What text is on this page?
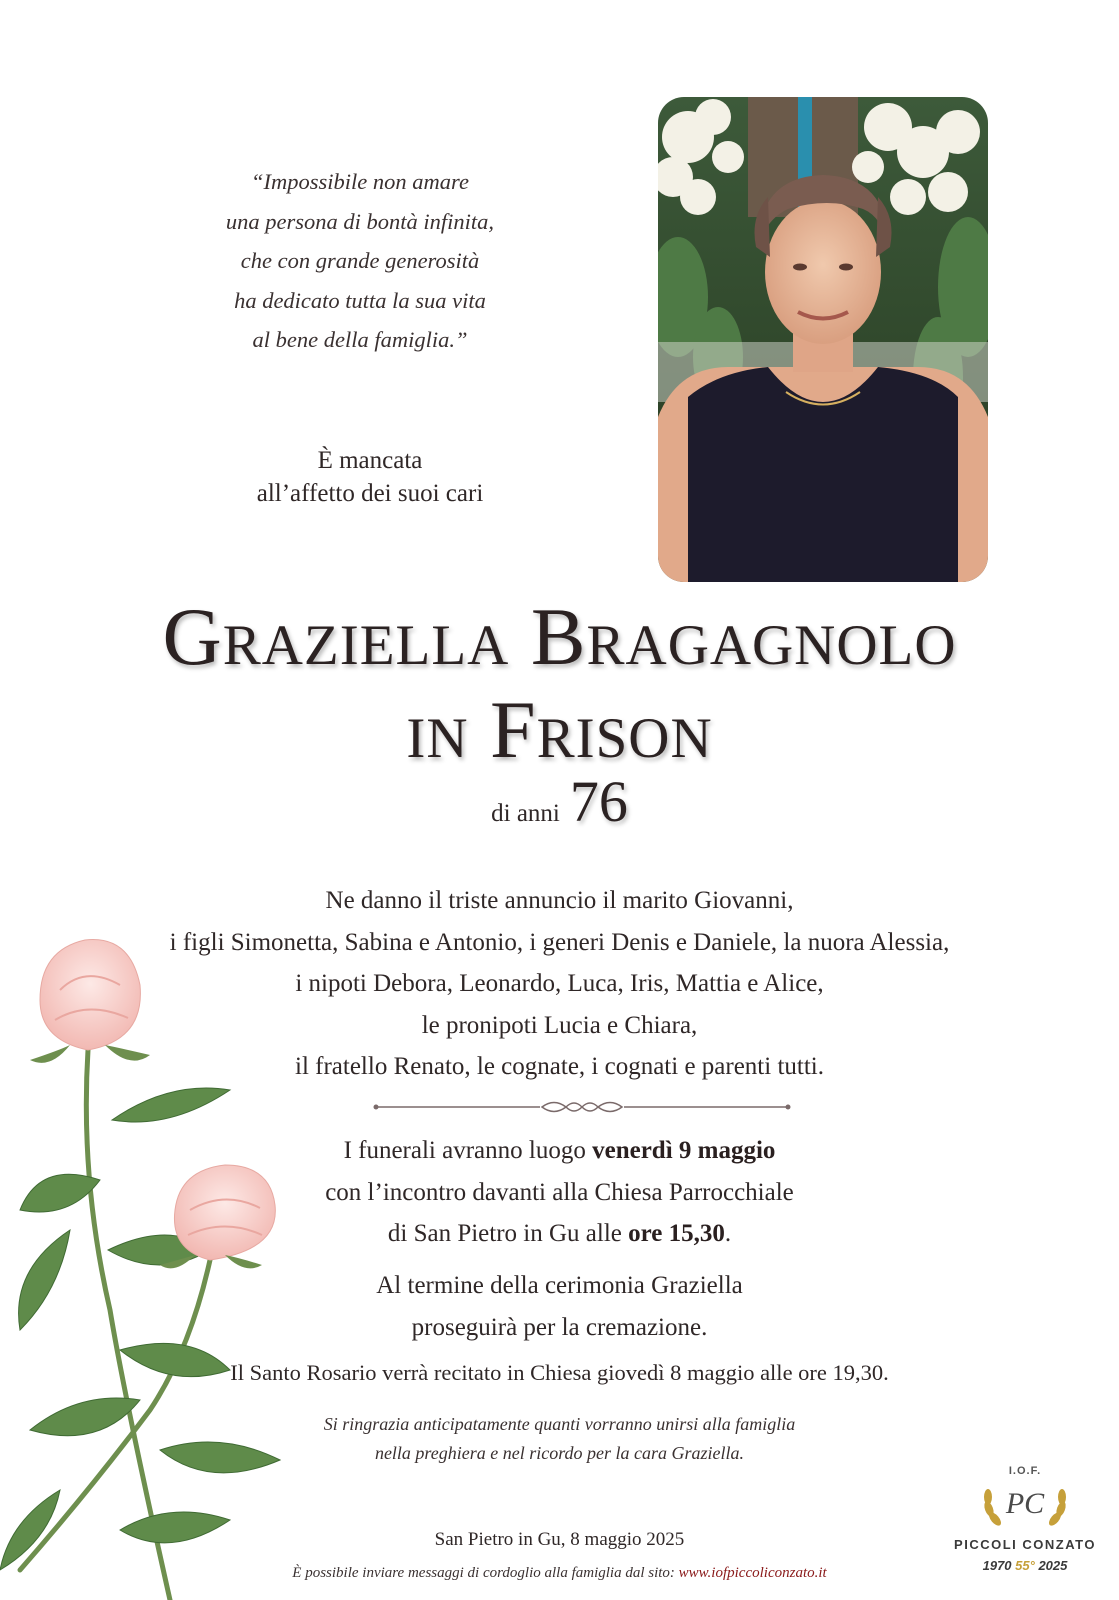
“Impossibile non amare
una persona di bontà infinita,
che con grande generosità
ha dedicato tutta la sua vita
al bene della famiglia.”
È mancata
all’affetto dei suoi cari
Graziella Bragagnolo
in Frison
di anni 76
Ne danno il triste annuncio il marito Giovanni,
i figli Simonetta, Sabina e Antonio, i generi Denis e Daniele, la nuora Alessia,
i nipoti Debora, Leonardo, Luca, Iris, Mattia e Alice,
le pronipoti Lucia e Chiara,
il fratello Renato, le cognate, i cognati e parenti tutti.
I funerali avranno luogo venerdì 9 maggio
con l’incontro davanti alla Chiesa Parrocchiale
di San Pietro in Gu alle ore 15,30.
Al termine della cerimonia Graziella
proseguirà per la cremazione.
Il Santo Rosario verrà recitato in Chiesa giovedì 8 maggio alle ore 19,30.
Si ringrazia anticipatamente quanti vorranno unirsi alla famiglia
nella preghiera e nel ricordo per la cara Graziella.
San Pietro in Gu, 8 maggio 2025
È possibile inviare messaggi di cordoglio alla famiglia dal sito: www.iofpiccoliconzato.it
I.O.F.
PC
PICCOLI CONZATO
1970 55° 2025
